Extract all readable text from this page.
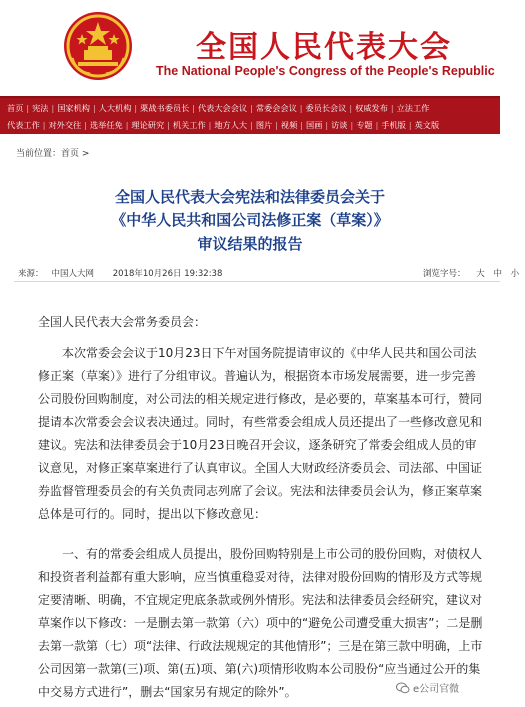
全国人民代表大会
The National People's Congress of the People's Republic
首页 | 宪法 | 国家机构 | 人大机构 | 栗战书委员长 | 代表大会会议 | 常委会会议 | 委员长会议 | 权威发布 | 立法工作
代表工作 | 对外交往 | 选举任免 | 理论研究 | 机关工作 | 地方人大 | 图片 | 视频 | 国画 | 访谈 | 专题 | 手机版 | 英文版
当前位置：首页 >
全国人民代表大会宪法和法律委员会关于
《中华人民共和国公司法修正案（草案）》
审议结果的报告
来源： 中国人大网 2018年10月26日 19:32:38	浏览字号： 大 中 小
全国人民代表大会常务委员会：
本次常委会会议于10月23日下午对国务院提请审议的《中华人民共和国公司法修正案（草案）》进行了分组审议。普遍认为，根据资本市场发展需要，进一步完善公司股份回购制度，对公司法的相关规定进行修改，是必要的，草案基本可行，赞同提请本次常委会会议表决通过。同时，有些常委会组成人员还提出了一些修改意见和建议。宪法和法律委员会于10月23日晚召开会议，逐条研究了常委会组成人员的审议意见，对修正案草案进行了认真审议。全国人大财政经济委员会、司法部、中国证券监督管理委员会的有关负责同志列席了会议。宪法和法律委员会认为，修正案草案总体是可行的。同时，提出以下修改意见：
一、有的常委会组成人员提出，股份回购特别是上市公司的股份回购，对债权人和投资者利益都有重大影响，应当慎重稳妥对待，法律对股份回购的情形及方式等规定要清晰、明确，不宜规定兜底条款或例外情形。宪法和法律委员会经研究，建议对草案作以下修改：一是删去第一款第（六）项中的“避免公司遭受重大损害”；二是删去第一款第（七）项“法律、行政法规规定的其他情形”；三是在第三款中明确，上市公司因第一款第(三)项、第(五)项、第(六)项情形收购本公司股份“应当通过公开的集中交易方式进行”，删去“国家另有规定的除外”。	e公司官微
